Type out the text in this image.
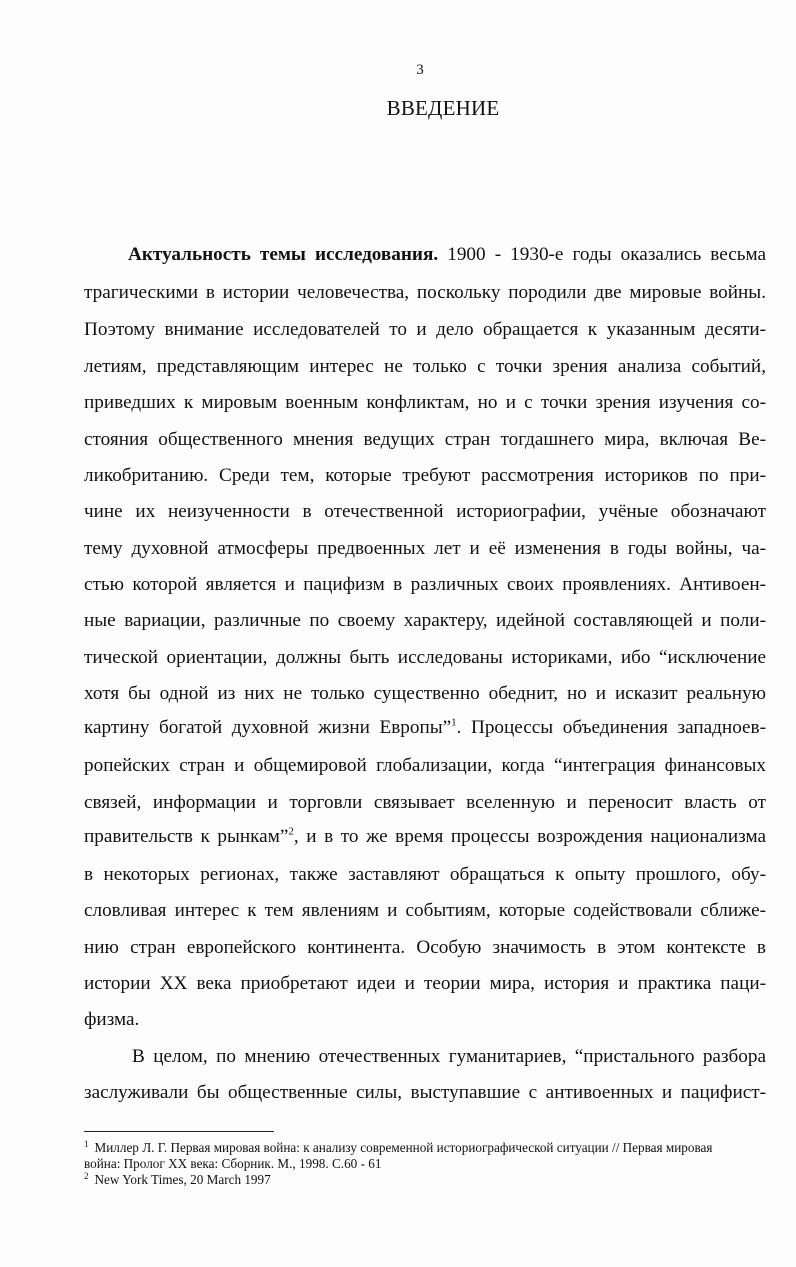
3
ВВЕДЕНИЕ
Актуальность темы исследования. 1900 - 1930-е годы оказались весьма
трагическими в истории человечества, поскольку породили две мировые войны.
Поэтому внимание исследователей то и дело обращается к указанным десяти-
летиям, представляющим интерес не только с точки зрения анализа событий,
приведших к мировым военным конфликтам, но и с точки зрения изучения со-
стояния общественного мнения ведущих стран тогдашнего мира, включая Ве-
ликобританию. Среди тем, которые требуют рассмотрения историков по при-
чине их неизученности в отечественной историографии, учёные обозначают
тему духовной атмосферы предвоенных лет и её изменения в годы войны, ча-
стью которой является и пацифизм в различных своих проявлениях. Антивоен-
ные вариации, различные по своему характеру, идейной составляющей и поли-
тической ориентации, должны быть исследованы историками, ибо “исключение
хотя бы одной из них не только существенно обеднит, но и исказит реальную
картину богатой духовной жизни Европы”$^1$. Процессы объединения западноев-
ропейских стран и общемировой глобализации, когда “интеграция финансовых
связей, информации и торговли связывает вселенную и переносит власть от
правительств к рынкам”$^2$, и в то же время процессы возрождения национализма
в некоторых регионах, также заставляют обращаться к опыту прошлого, обу-
словливая интерес к тем явлениям и событиям, которые содействовали сближе-
нию стран европейского континента. Особую значимость в этом контексте в
истории XX века приобретают идеи и теории мира, история и практика паци-
физма.
В целом, по мнению отечественных гуманитариев, “пристального разбора
заслуживали бы общественные силы, выступавшие с антивоенных и пацифист-
$^1$ Миллер Л. Г. Первая мировая война: к анализу современной историографической ситуации // Первая мировая
война: Пролог XX века: Сборник. М., 1998. С.60 - 61
$^2$ New York Times, 20 March 1997
